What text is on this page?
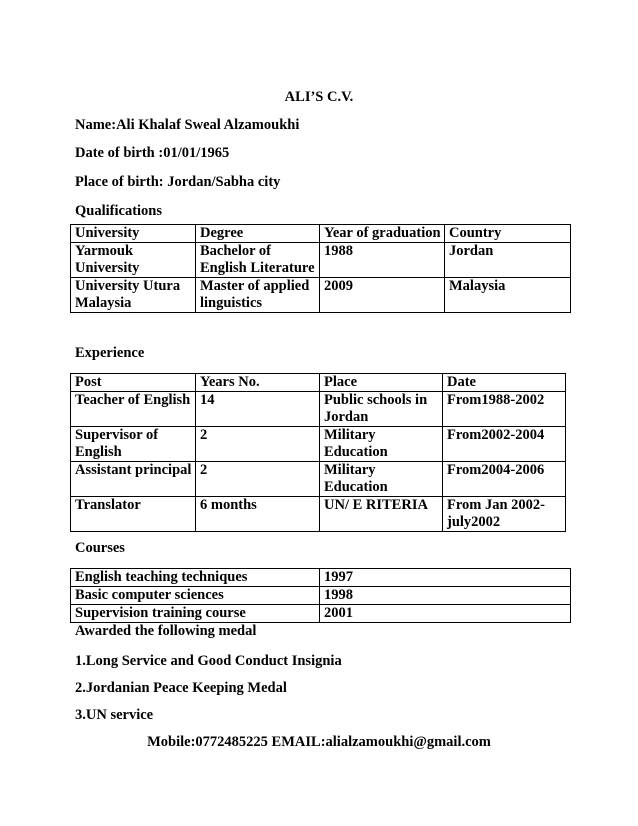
ALI’S C.V.
Name:Ali Khalaf Sweal Alzamoukhi
Date of birth :01/01/1965
Place of birth: Jordan/Sabha city
Qualifications
University	Degree	Year of graduation	Country
Yarmouk University	Bachelor of English Literature	1988	Jordan
University Utura Malaysia	Master of applied linguistics	2009	Malaysia
Experience
Post	Years No.	Place	Date
Teacher of English	14	Public schools in Jordan	From1988-2002
Supervisor of English	2	Military Education	From2002-2004
Assistant principal	2	Military Education	From2004-2006
Translator	6 months	UN/ E RITERIA	From Jan 2002-july2002
Courses
English teaching techniques	1997
Basic computer sciences	1998
Supervision training course	2001
Awarded the following medal
1.Long Service and Good Conduct Insignia
2.Jordanian Peace Keeping Medal
3.UN service
Mobile:0772485225 EMAIL:alialzamoukhi@gmail.com
